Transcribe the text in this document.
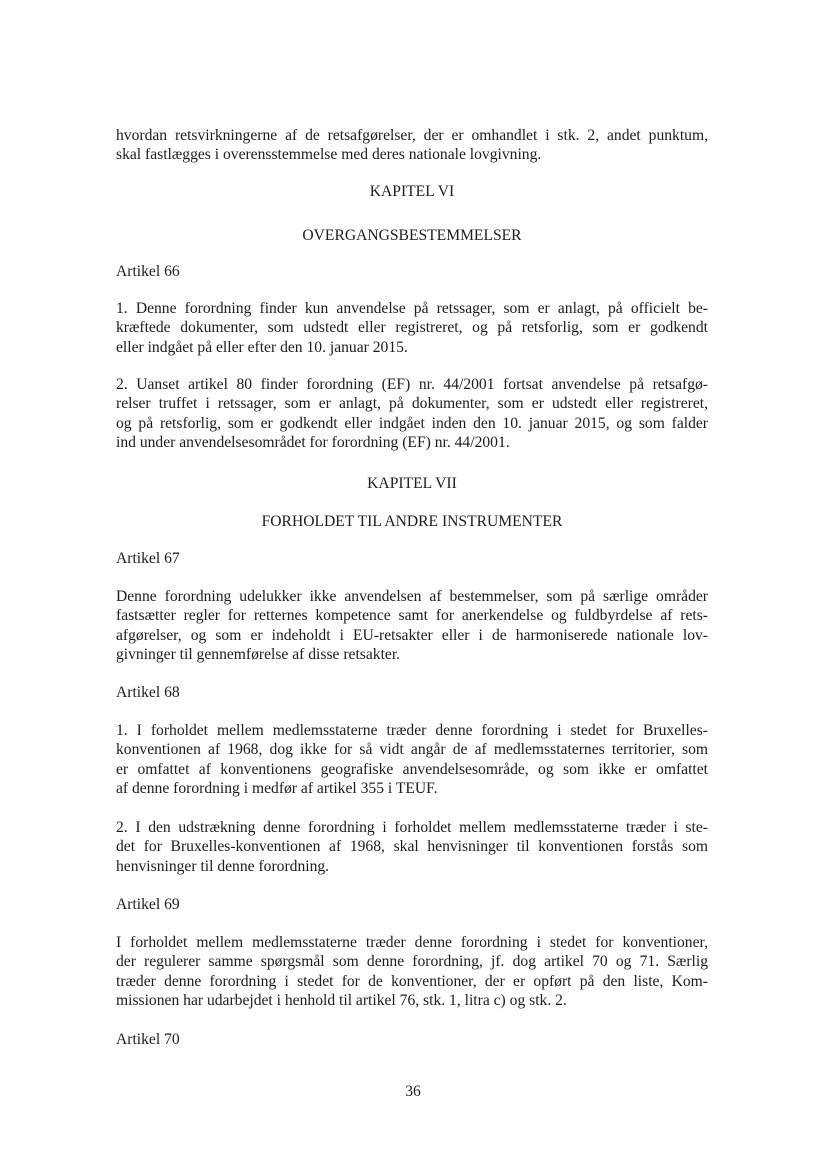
hvordan retsvirkningerne af de retsafgørelser, der er omhandlet i stk. 2, andet punktum,
skal fastlægges i overensstemmelse med deres nationale lovgivning.
KAPITEL VI
OVERGANGSBESTEMMELSER
Artikel 66
1. Denne forordning finder kun anvendelse på retssager, som er anlagt, på officielt be-
kræftede dokumenter, som udstedt eller registreret, og på retsforlig, som er godkendt
eller indgået på eller efter den 10. januar 2015.
2. Uanset artikel 80 finder forordning (EF) nr. 44/2001 fortsat anvendelse på retsafgø-
relser truffet i retssager, som er anlagt, på dokumenter, som er udstedt eller registreret,
og på retsforlig, som er godkendt eller indgået inden den 10. januar 2015, og som falder
ind under anvendelsesområdet for forordning (EF) nr. 44/2001.
KAPITEL VII
FORHOLDET TIL ANDRE INSTRUMENTER
Artikel 67
Denne forordning udelukker ikke anvendelsen af bestemmelser, som på særlige områder
fastsætter regler for retternes kompetence samt for anerkendelse og fuldbyrdelse af rets-
afgørelser, og som er indeholdt i EU-retsakter eller i de harmoniserede nationale lov-
givninger til gennemførelse af disse retsakter.
Artikel 68
1. I forholdet mellem medlemsstaterne træder denne forordning i stedet for Bruxelles-
konventionen af 1968, dog ikke for så vidt angår de af medlemsstaternes territorier, som
er omfattet af konventionens geografiske anvendelsesområde, og som ikke er omfattet
af denne forordning i medfør af artikel 355 i TEUF.
2. I den udstrækning denne forordning i forholdet mellem medlemsstaterne træder i ste-
det for Bruxelles-konventionen af 1968, skal henvisninger til konventionen forstås som
henvisninger til denne forordning.
Artikel 69
I forholdet mellem medlemsstaterne træder denne forordning i stedet for konventioner,
der regulerer samme spørgsmål som denne forordning, jf. dog artikel 70 og 71. Særlig
træder denne forordning i stedet for de konventioner, der er opført på den liste, Kom-
missionen har udarbejdet i henhold til artikel 76, stk. 1, litra c) og stk. 2.
Artikel 70
36
